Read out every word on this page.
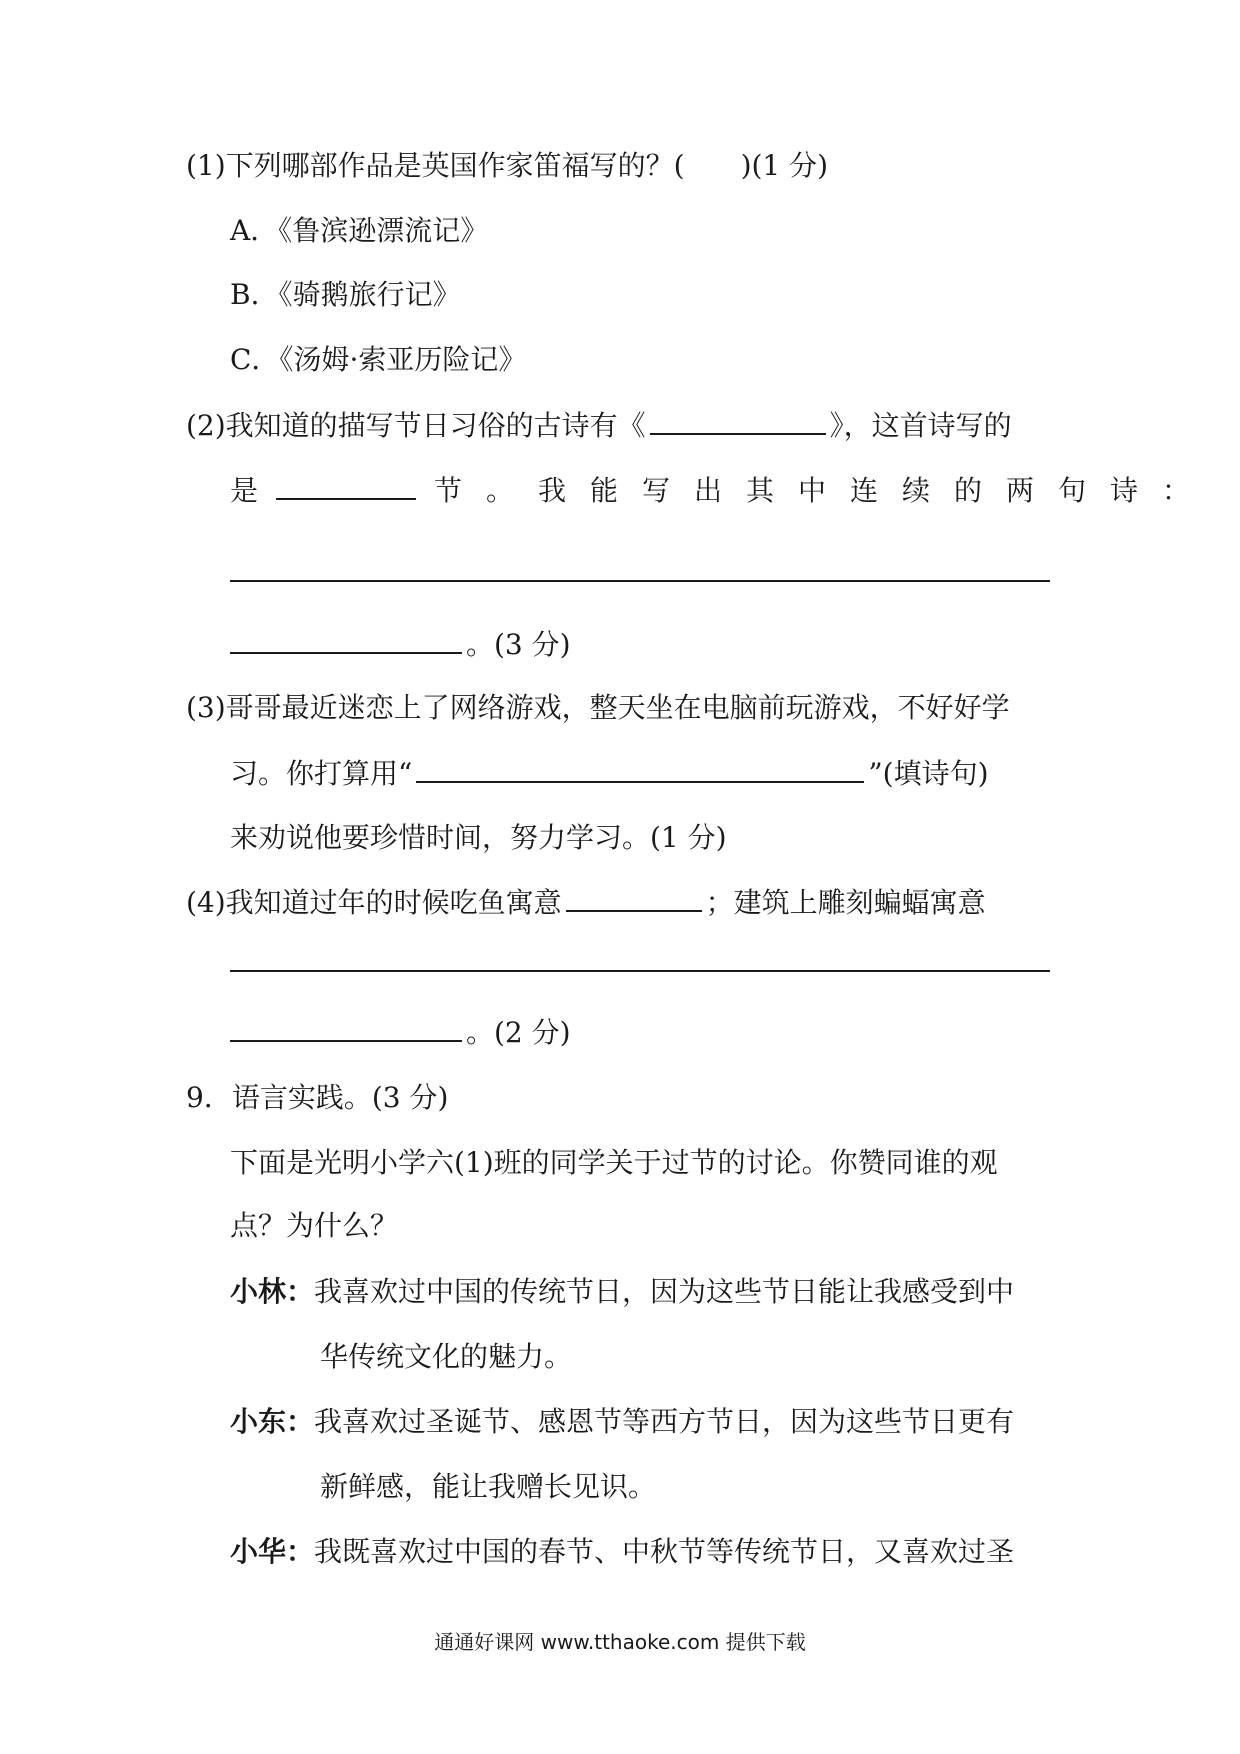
(1)下列哪部作品是英国作家笛福写的？(　　)(1 分)
A．《鲁滨逊漂流记》
B．《骑鹅旅行记》
C．《汤姆·索亚历险记》
(2)我知道的描写节日习俗的古诗有《	》，这首诗写的
是	节。我能写出其中连续的两句诗：
。(3 分)
(3)哥哥最近迷恋上了网络游戏，整天坐在电脑前玩游戏，不好好学
习。你打算用“	”(填诗句)
来劝说他要珍惜时间，努力学习。(1 分)
(4)我知道过年的时候吃鱼寓意	；建筑上雕刻蝙蝠寓意
。(2 分)
9．语言实践。(3 分)
下面是光明小学六(1)班的同学关于过节的讨论。你赞同谁的观
点？为什么？
小林：我喜欢过中国的传统节日，因为这些节日能让我感受到中
华传统文化的魅力。
小东：我喜欢过圣诞节、感恩节等西方节日，因为这些节日更有
新鲜感，能让我赠长见识。
小华：我既喜欢过中国的春节、中秋节等传统节日，又喜欢过圣
通通好课网 www.tthaoke.com 提供下载
